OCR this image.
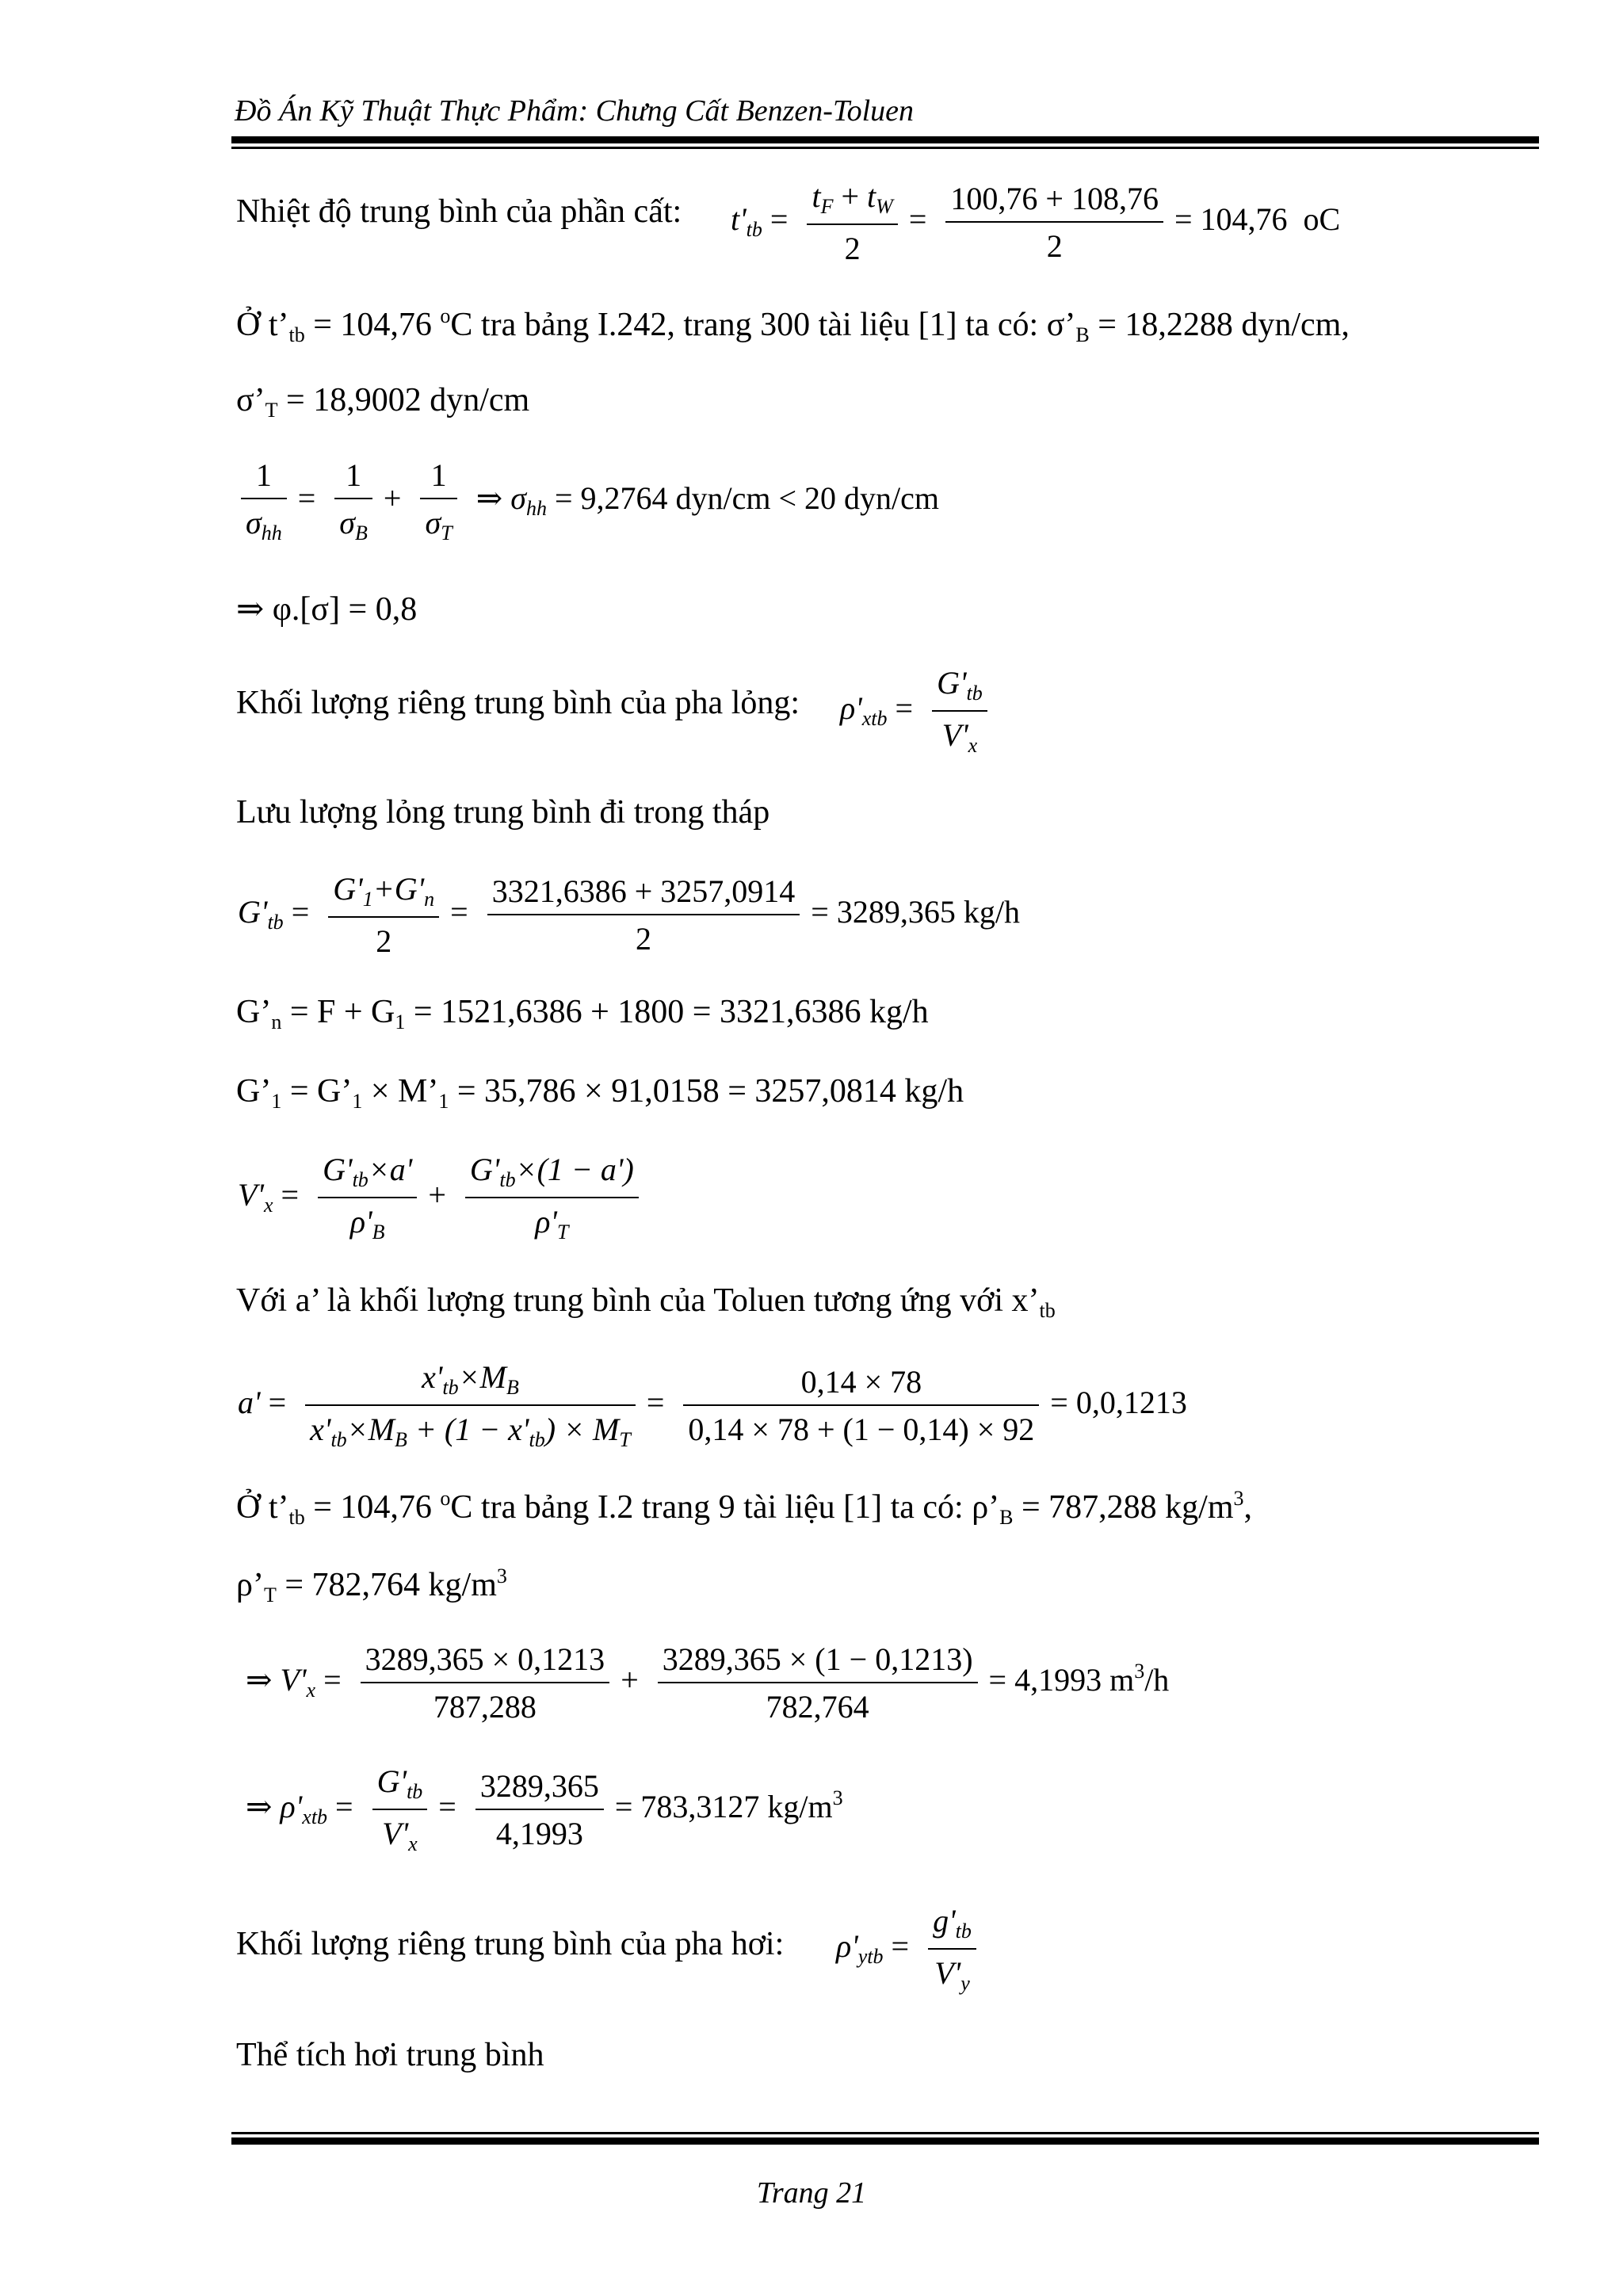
Đồ Án Kỹ Thuật Thực Phẩm: Chưng Cất Benzen-Toluen
Nhiệt độ trung bình của phần cất: $t'_{tb} = \frac{t_F + t_W}{2} = \frac{100,76 + 108,76}{2} = 104,76$ oC
Ở $t’_{tb} = 104,76$ $^o$C tra bảng I.242, trang 300 tài liệu [1] ta có: $\sigma’_B = 18,2288$ dyn/cm,
$\sigma’_T = 18,9002$ dyn/cm
$\frac{1}{\sigma_{hh}} = \frac{1}{\sigma_B} + \frac{1}{\sigma_T}$ ⇒ $\sigma_{hh} = 9,2764$ dyn/cm < 20 dyn/cm
⇒ φ.[σ] = 0,8
Khối lượng riêng trung bình của pha lỏng: $\rho'_{xtb} = \frac{G'_{tb}}{V'_x}$
Lưu lượng lỏng trung bình đi trong tháp
$G'_{tb} = \frac{G'_1+G'_n}{2} = \frac{3321,6386 + 3257,0914}{2} = 3289,365$ kg/h
$G’_n = F + G_1 = 1521,6386 + 1800 = 3321,6386$ kg/h
$G’_1$ = $G’_1$ × $M’_1 = 35,786 \times 91,0158 = 3257,0814$ kg/h
$V'_x = \frac{G'_{tb}\times a'}{\rho'_B} + \frac{G'_{tb}\times(1 - a')}{\rho'_T}$
Với a’ là khối lượng trung bình của Toluen tương ứng với $x’_{tb}$
$a' = \frac{x'_{tb}\times M_B}{x'_{tb}\times M_B + (1 - x'_{tb}) \times M_T} = \frac{0,14 \times 78}{0,14 \times 78 + (1 - 0,14) \times 92} = 0,0,1213$
Ở $t’_{tb} = 104,76$ $^o$C tra bảng I.2 trang 9 tài liệu [1] ta có: $\rho’_B = 787,288$ $kg/m^3$,
$\rho’_T = 782,764$ $kg/m^3$
⇒ $V'_x = \frac{3289,365 \times 0,1213}{787,288} + \frac{3289,365 \times (1 - 0,1213)}{782,764} = 4,1993$ $m^3/h$
⇒ $\rho'_{xtb} = \frac{G'_{tb}}{V'_x} = \frac{3289,365}{4,1993} = 783,3127$ $kg/m^3$
Khối lượng riêng trung bình của pha hơi: $\rho'_{ytb} = \frac{g'_{tb}}{V'_y}$
Thể tích hơi trung bình
Trang 21
